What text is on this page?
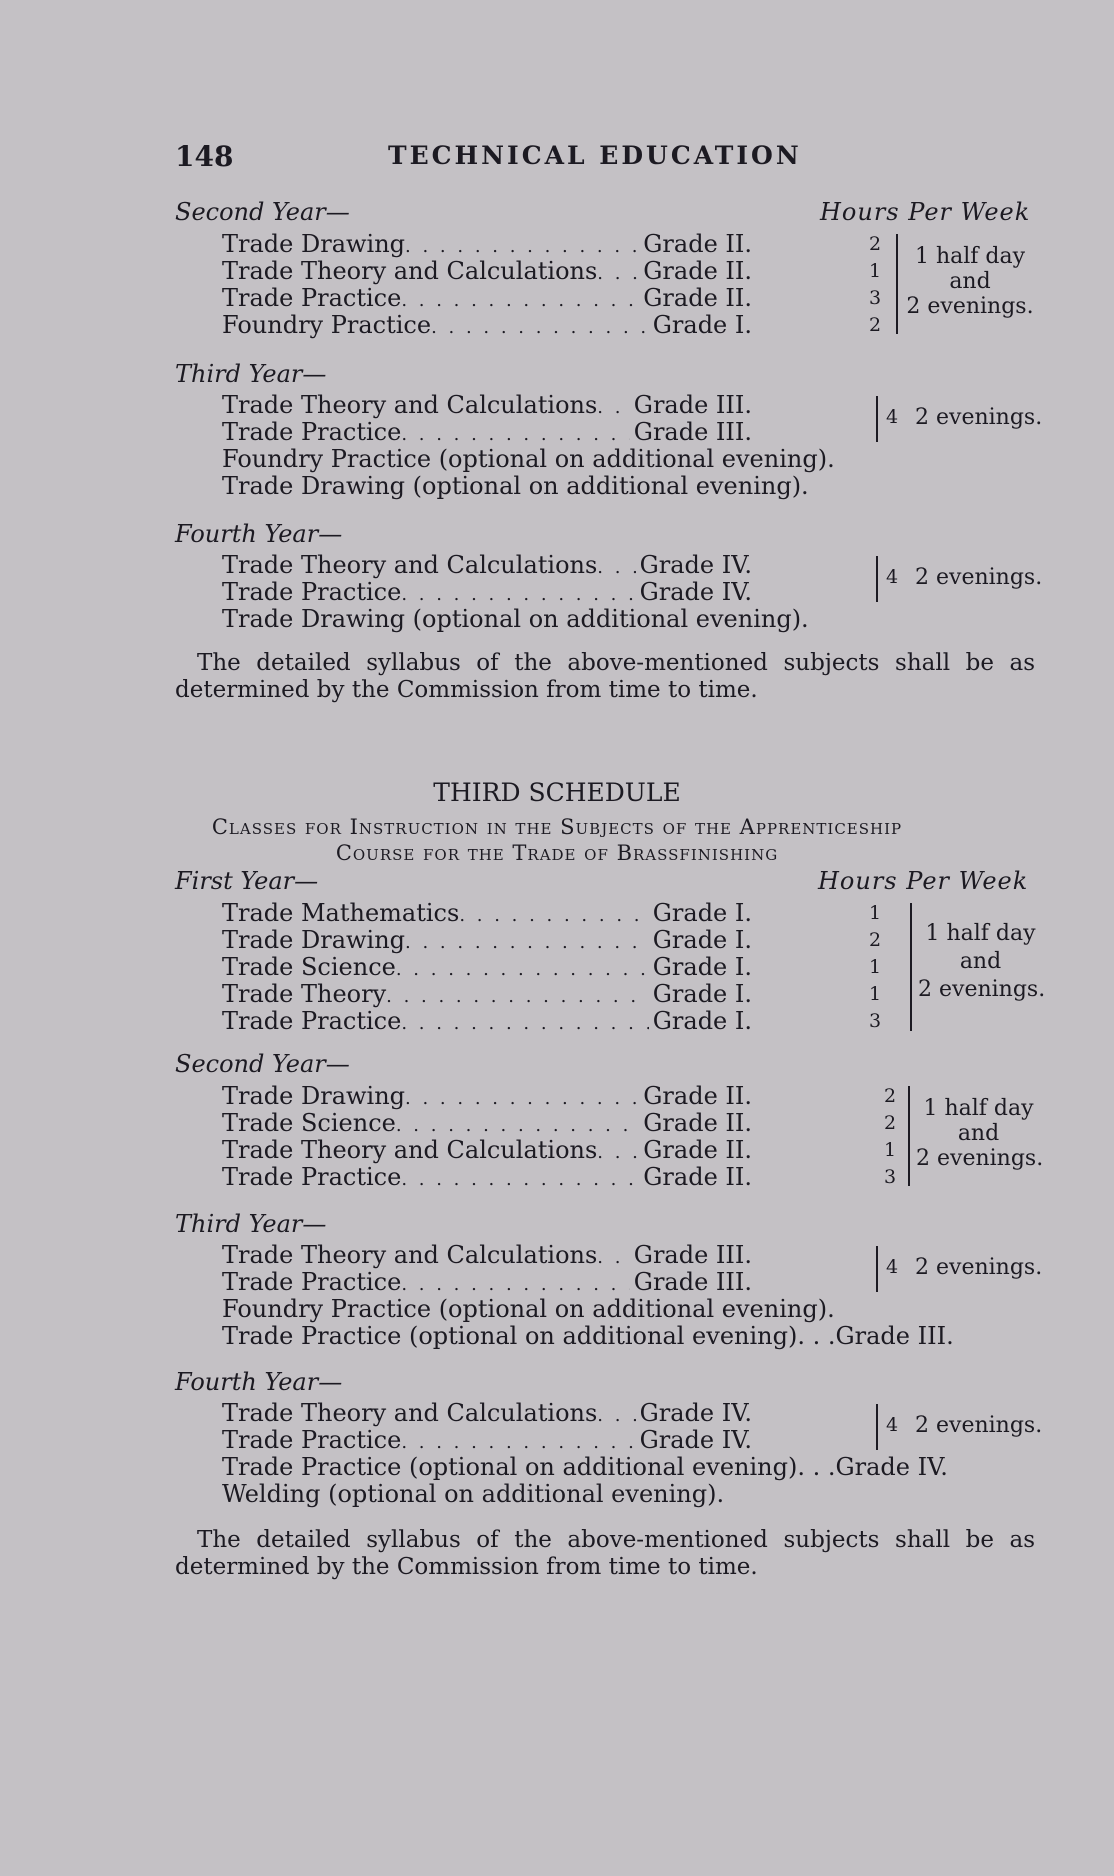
148	TECHNICAL EDUCATION
Second Year—	Hours Per Week
Trade Drawing . . .	Grade II.	2
Trade Theory and Calculations . . . Grade II.	1
Trade Practice . . .	Grade II.	3
Foundry Practice . . .	Grade I.	2
1 half day
and
2 evenings.
Third Year—
Trade Theory and Calculations . . . Grade III.
Trade Practice . . .	Grade III.
4 2 evenings.
Foundry Practice (optional on additional evening).
Trade Drawing (optional on additional evening).
Fourth Year—
Trade Theory and Calculations . . . Grade IV.
Trade Practice . . .	Grade IV.
4 2 evenings.
Trade Drawing (optional on additional evening).
The detailed syllabus of the above-mentioned subjects shall be as determined by the Commission from time to time.
THIRD SCHEDULE
Classes for Instruction in the Subjects of the Apprenticeship
Course for the Trade of Brassfinishing
First Year—	Hours Per Week
Trade Mathematics . . .	Grade I.	1
Trade Drawing . . .	Grade I.	2
Trade Science . . .	Grade I.	1
Trade Theory . . .	Grade I.	1
Trade Practice . . .	Grade I.	3
1 half day
and
2 evenings.
Second Year—
Trade Drawing . . .	Grade II.	2
Trade Science . . .	Grade II.	2
Trade Theory and Calculations . . . Grade II.	1
Trade Practice . . .	Grade II.	3
1 half day
and
2 evenings.
Third Year—
Trade Theory and Calculations . . . Grade III.
Trade Practice . . .	Grade III.
4 2 evenings.
Foundry Practice (optional on additional evening).
Trade Practice (optional on additional evening). . .Grade III.
Fourth Year—
Trade Theory and Calculations . . . Grade IV.
Trade Practice . . .	Grade IV.
4 2 evenings.
Trade Practice (optional on additional evening). . .Grade IV.
Welding (optional on additional evening).
The detailed syllabus of the above-mentioned subjects shall be as determined by the Commission from time to time.
